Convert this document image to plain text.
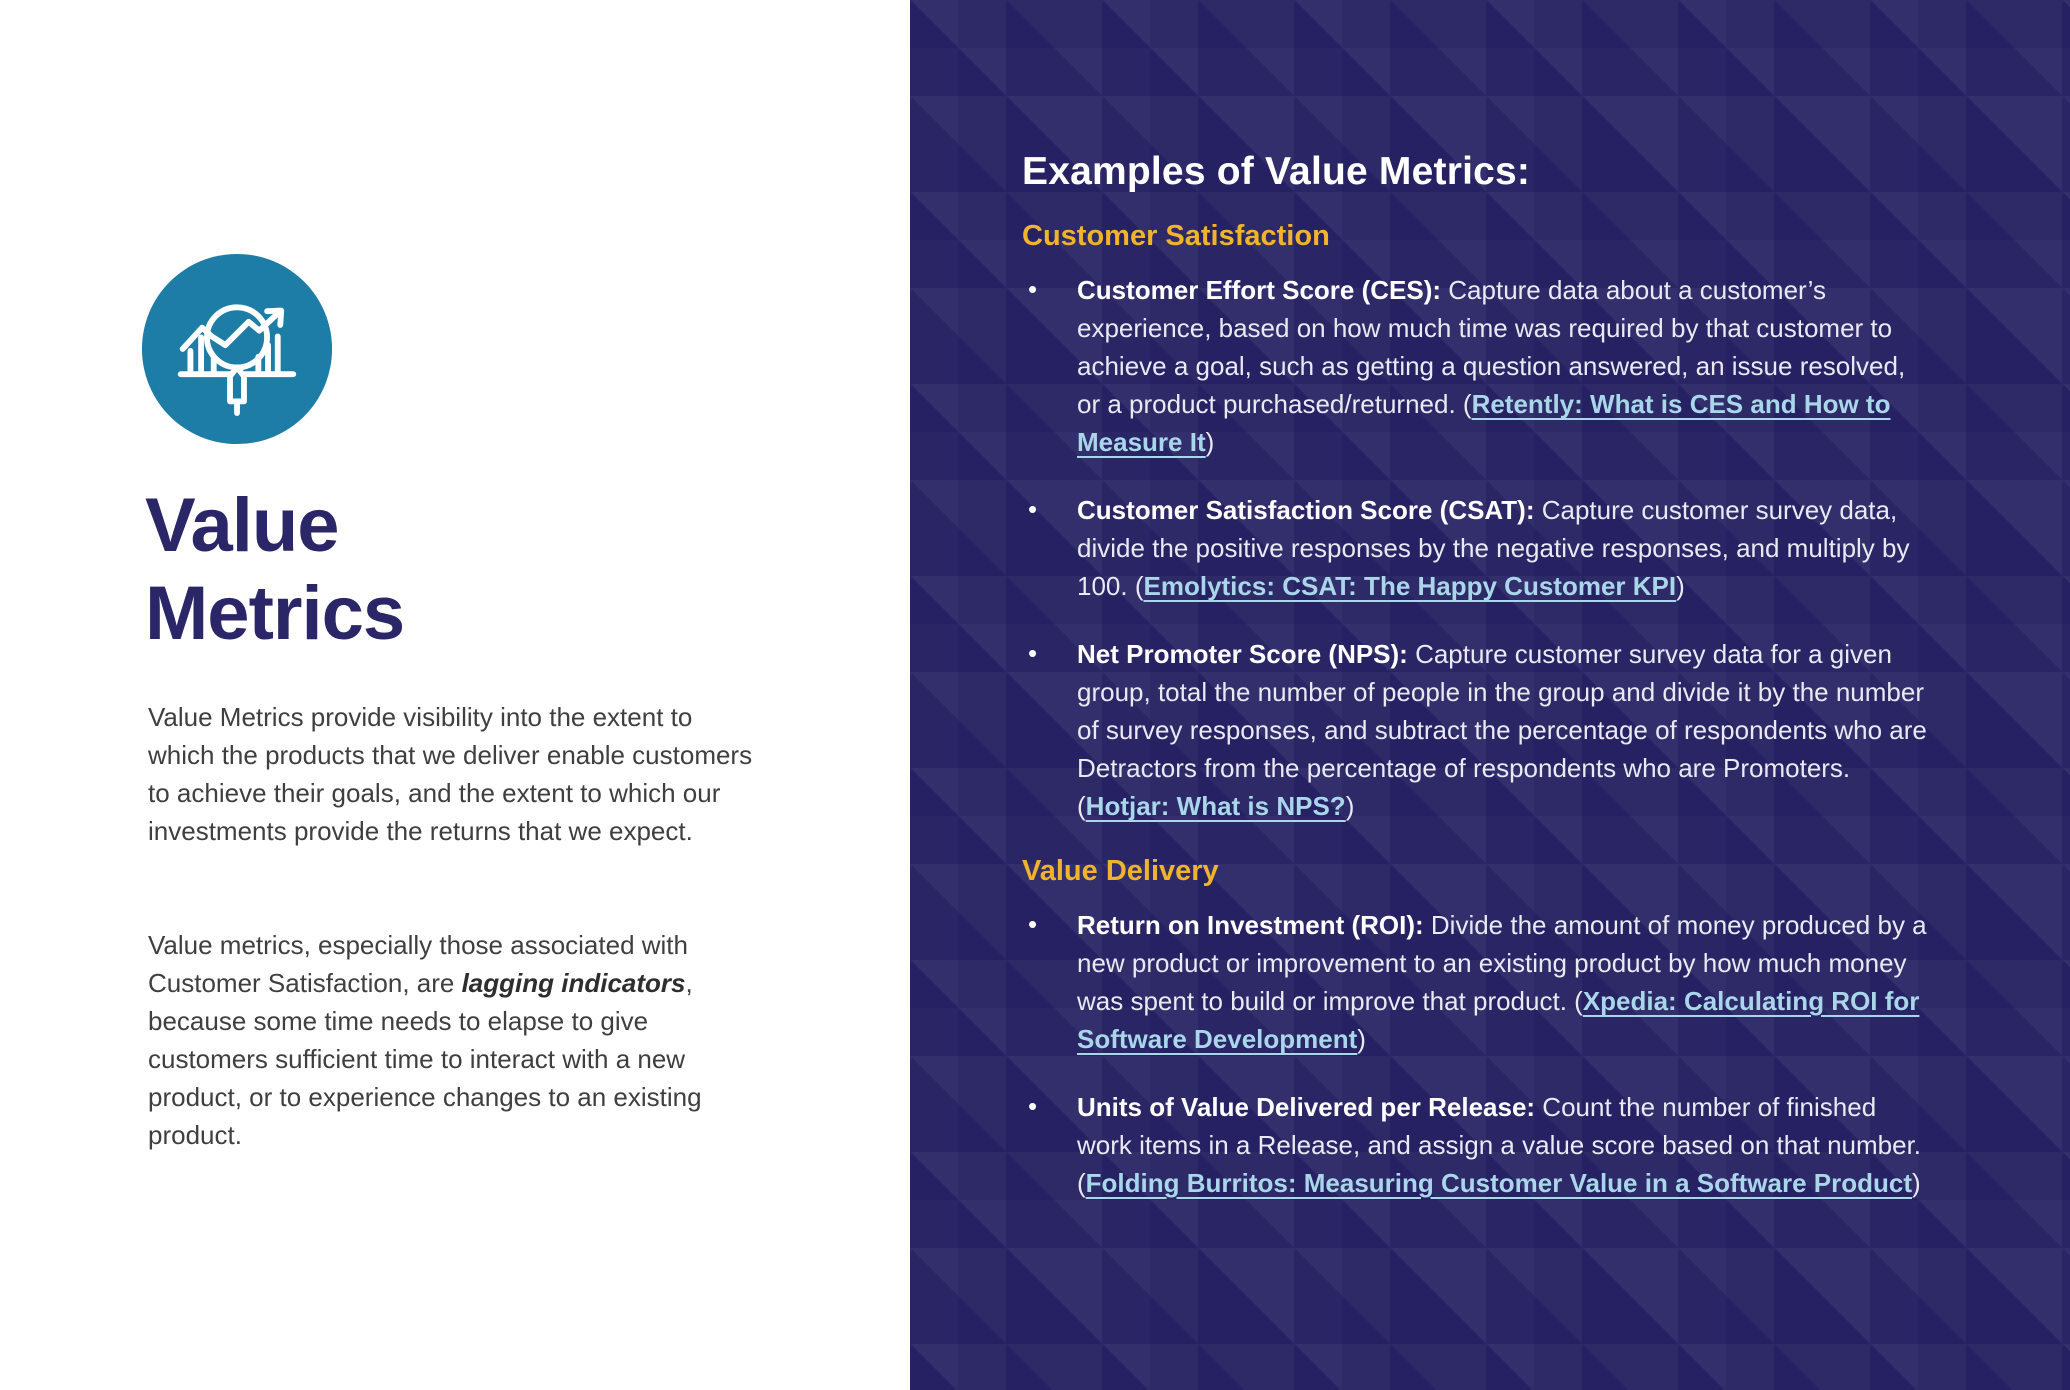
Value
Metrics

Value Metrics provide visibility into the extent to which the products that we deliver enable customers to achieve their goals, and the extent to which our investments provide the returns that we expect.

Value metrics, especially those associated with Customer Satisfaction, are lagging indicators, because some time needs to elapse to give customers sufficient time to interact with a new product, or to experience changes to an existing product.

Examples of Value Metrics:
Customer Satisfaction
• Customer Effort Score (CES): Capture data about a customer’s experience, based on how much time was required by that customer to achieve a goal, such as getting a question answered, an issue resolved, or a product purchased/returned. (Retently: What is CES and How to Measure It)
• Customer Satisfaction Score (CSAT): Capture customer survey data, divide the positive responses by the negative responses, and multiply by 100. (Emolytics: CSAT: The Happy Customer KPI)
• Net Promoter Score (NPS): Capture customer survey data for a given group, total the number of people in the group and divide it by the number of survey responses, and subtract the percentage of respondents who are Detractors from the percentage of respondents who are Promoters. (Hotjar: What is NPS?)
Value Delivery
• Return on Investment (ROI): Divide the amount of money produced by a new product or improvement to an existing product by how much money was spent to build or improve that product. (Xpedia: Calculating ROI for Software Development)
• Units of Value Delivered per Release: Count the number of finished work items in a Release, and assign a value score based on that number. (Folding Burritos: Measuring Customer Value in a Software Product)
